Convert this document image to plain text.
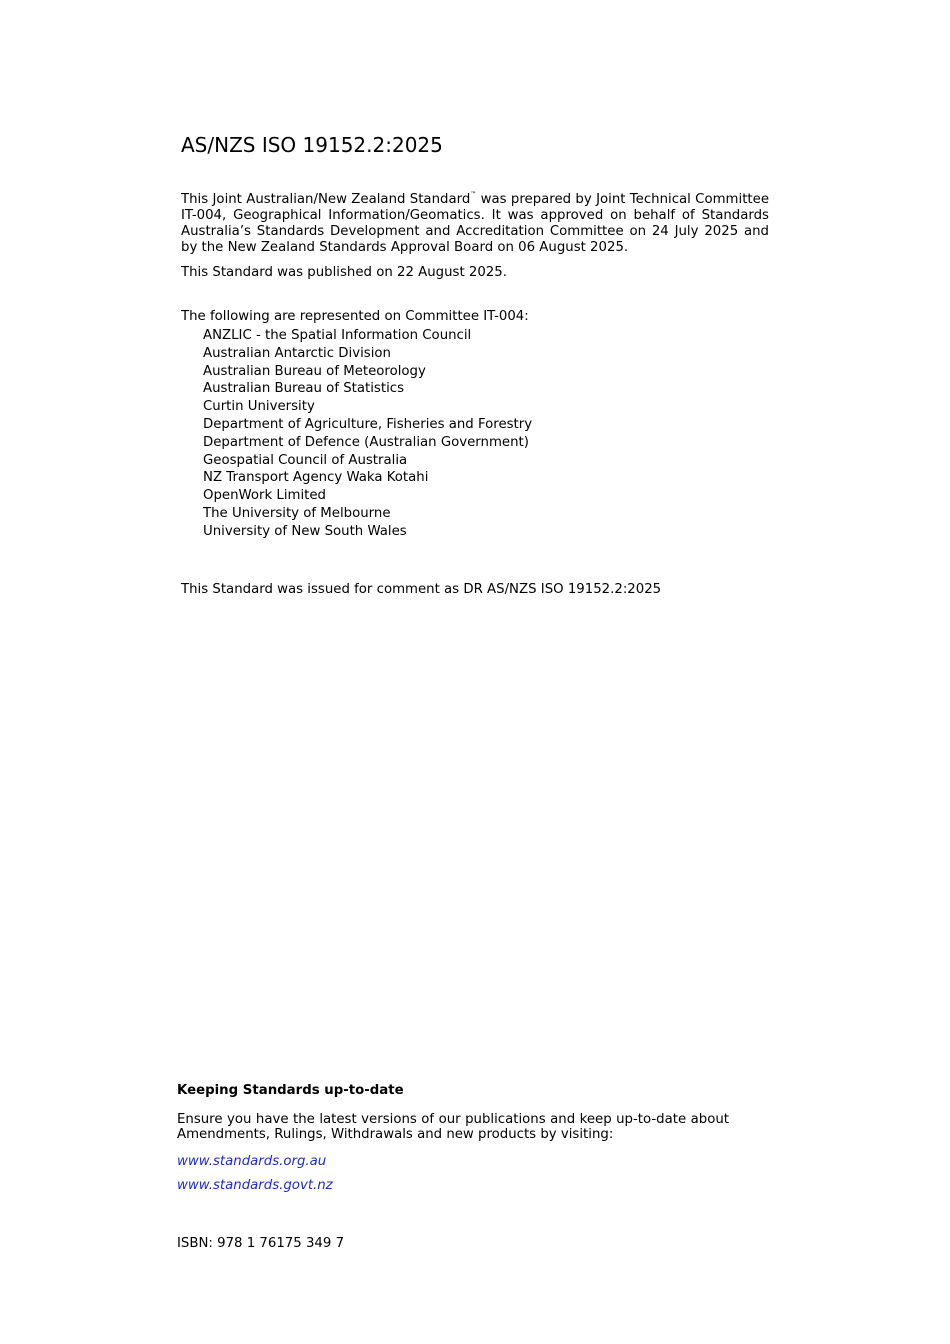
AS/NZS ISO 19152.2:2025

This Joint Australian/New Zealand Standard™ was prepared by Joint Technical Committee IT-004, Geographical Information/Geomatics. It was approved on behalf of Standards Australia’s Standards Development and Accreditation Committee on 24 July 2025 and by the New Zealand Standards Approval Board on 06 August 2025.

This Standard was published on 22 August 2025.

The following are represented on Committee IT-004:

ANZLIC - the Spatial Information Council
Australian Antarctic Division
Australian Bureau of Meteorology
Australian Bureau of Statistics
Curtin University
Department of Agriculture, Fisheries and Forestry
Department of Defence (Australian Government)
Geospatial Council of Australia
NZ Transport Agency Waka Kotahi
OpenWork Limited
The University of Melbourne
University of New South Wales

This Standard was issued for comment as DR AS/NZS ISO 19152.2:2025

Keeping Standards up-to-date

Ensure you have the latest versions of our publications and keep up-to-date about Amendments, Rulings, Withdrawals and new products by visiting:

www.standards.org.au
www.standards.govt.nz

ISBN: 978 1 76175 349 7
